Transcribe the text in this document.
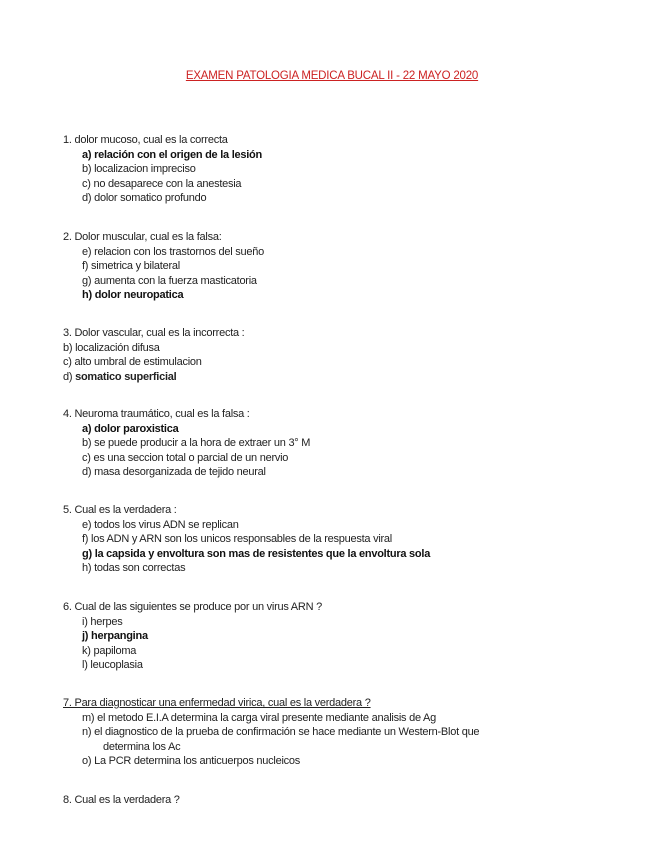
EXAMEN PATOLOGIA MEDICA BUCAL II - 22 MAYO 2020
1. dolor mucoso, cual es la correcta
a) relación con el origen de la lesión
b) localizacion impreciso
c) no desaparece con la anestesia
d) dolor somatico profundo
2. Dolor muscular, cual es la falsa:
e) relacion con los trastornos del sueño
f) simetrica y bilateral
g) aumenta con la fuerza masticatoria
h) dolor neuropatica
3. Dolor vascular, cual es la incorrecta :
b) localización difusa
c) alto umbral de estimulacion
d) somatico superficial
4. Neuroma traumático, cual es la falsa :
a) dolor paroxistica
b) se puede producir a la hora de extraer un 3° M
c) es una seccion total o parcial de un nervio
d) masa desorganizada de tejido neural
5. Cual es la verdadera :
e) todos los virus ADN se replican
f) los ADN y ARN son los unicos responsables de la respuesta viral
g) la capsida y envoltura son mas de resistentes que la envoltura sola
h) todas son correctas
6. Cual de las siguientes se produce por un virus ARN ?
i) herpes
j) herpangina
k) papiloma
l) leucoplasia
7. Para diagnosticar una enfermedad virica, cual es la verdadera ?
m) el metodo E.I.A determina la carga viral presente mediante analisis de Ag
n) el diagnostico de la prueba de confirmación se hace mediante un Western-Blot que
determina los Ac
o) La PCR determina los anticuerpos nucleicos
8. Cual es la verdadera ?
